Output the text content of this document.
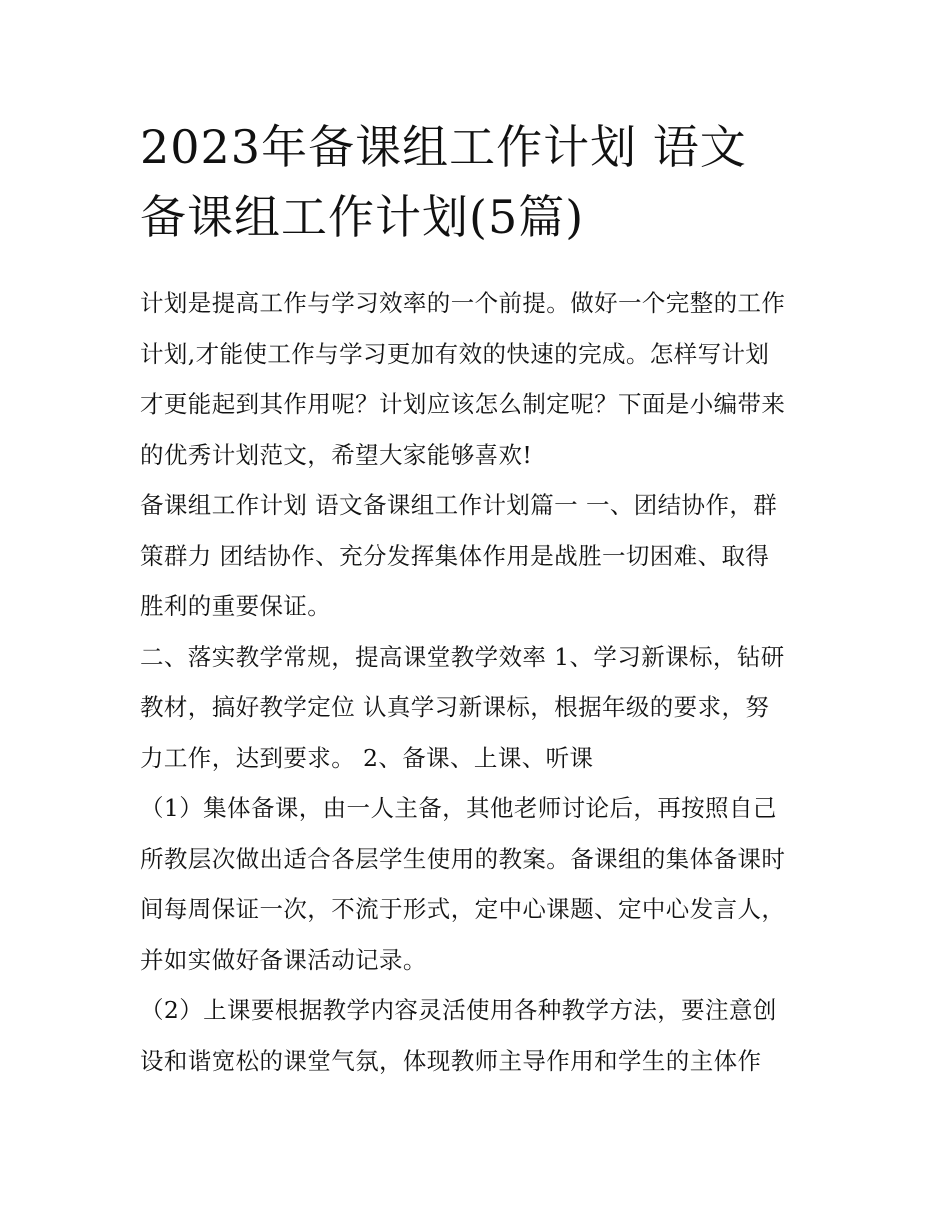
2023年备课组工作计划 语文
备课组工作计划(5篇)
计划是提高工作与学习效率的一个前提。做好一个完整的工作
计划,才能使工作与学习更加有效的快速的完成。怎样写计划
才更能起到其作用呢？计划应该怎么制定呢？下面是小编带来
的优秀计划范文，希望大家能够喜欢!
备课组工作计划 语文备课组工作计划篇一 一、团结协作，群
策群力 团结协作、充分发挥集体作用是战胜一切困难、取得
胜利的重要保证。
二、落实教学常规，提高课堂教学效率 1、学习新课标，钻研
教材，搞好教学定位 认真学习新课标，根据年级的要求，努
力工作，达到要求。 2、备课、上课、听课
（1）集体备课，由一人主备，其他老师讨论后，再按照自己
所教层次做出适合各层学生使用的教案。备课组的集体备课时
间每周保证一次，不流于形式，定中心课题、定中心发言人，
并如实做好备课活动记录。
（2）上课要根据教学内容灵活使用各种教学方法，要注意创
设和谐宽松的课堂气氛，体现教师主导作用和学生的主体作
